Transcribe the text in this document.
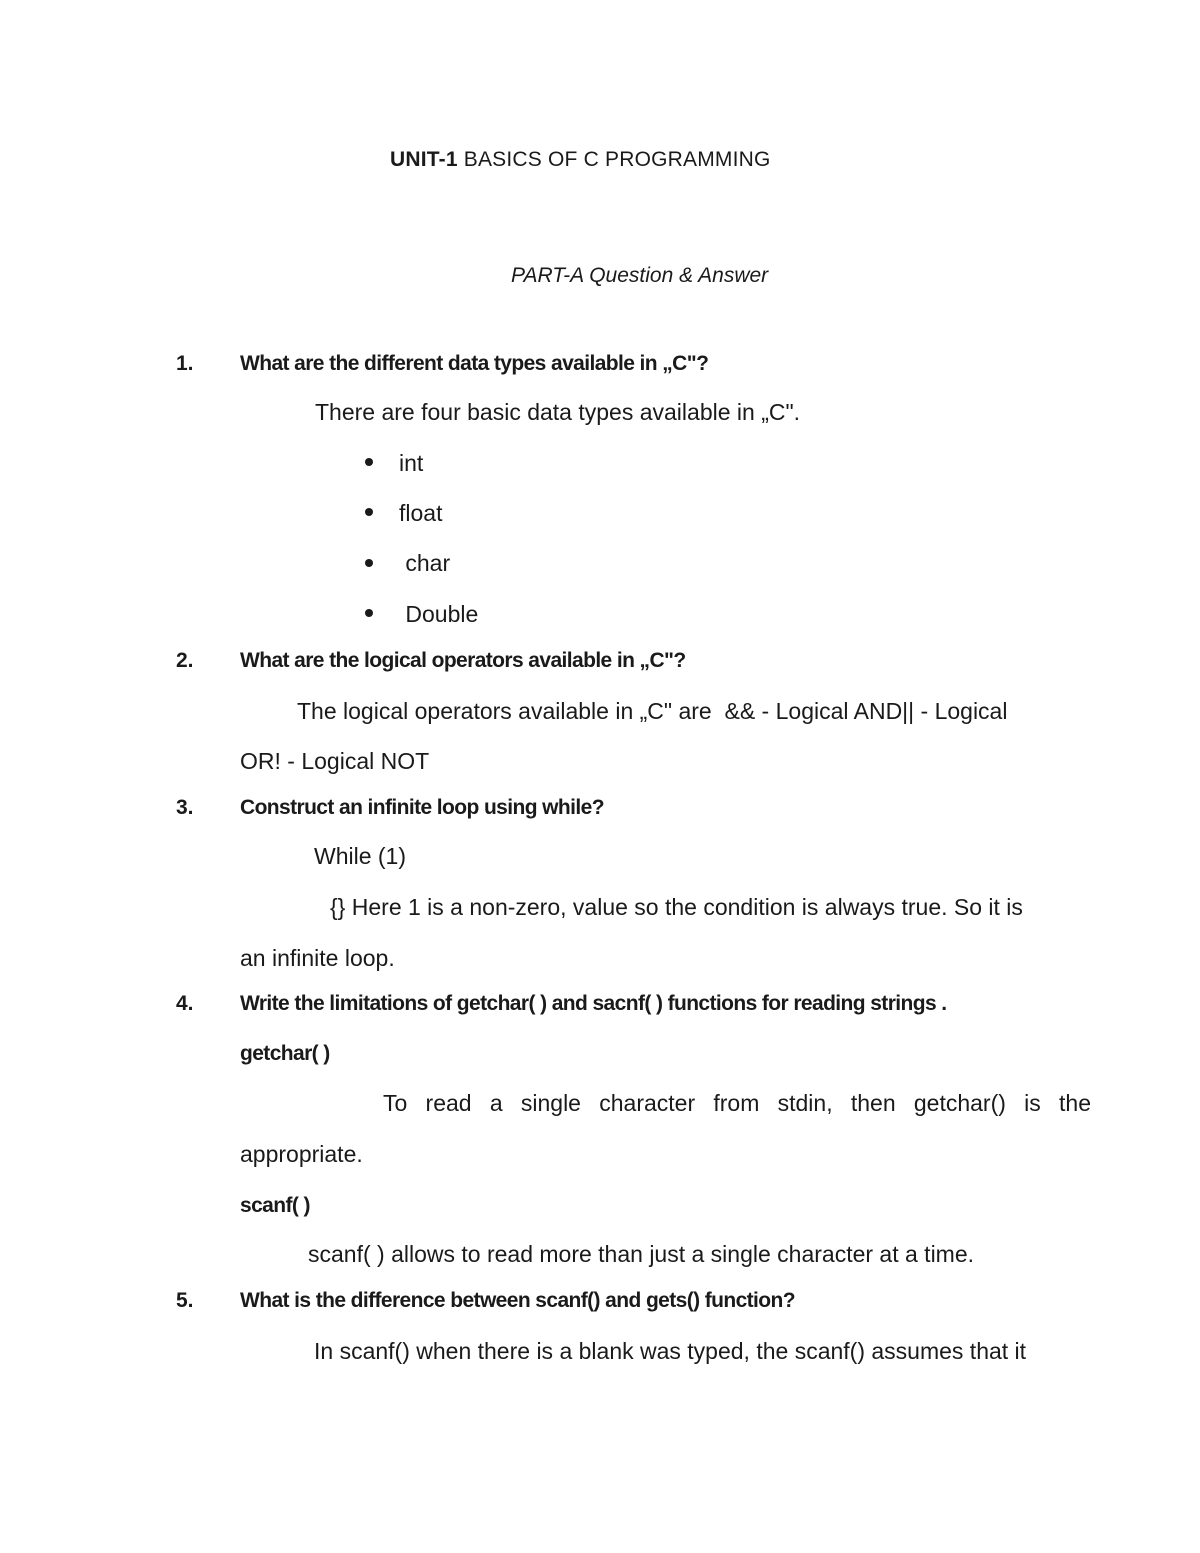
UNIT-1 BASICS OF C PROGRAMMING
PART-A Question & Answer
1. What are the different data types available in „C"?
There are four basic data types available in „C".
int
float
char
Double
2. What are the logical operators available in „C"?
The logical operators available in „C" are  && - Logical AND|| - Logical
OR! - Logical NOT
3. Construct an infinite loop using while?
While (1)
{} Here 1 is a non-zero, value so the condition is always true. So it is
an infinite loop.
4. Write the limitations of getchar( ) and sacnf( ) functions for reading strings .
getchar( )
To read a single character from stdin, then getchar() is the
appropriate.
scanf( )
scanf( ) allows to read more than just a single character at a time.
5. What is the difference between scanf() and gets() function?
In scanf() when there is a blank was typed, the scanf() assumes that it
